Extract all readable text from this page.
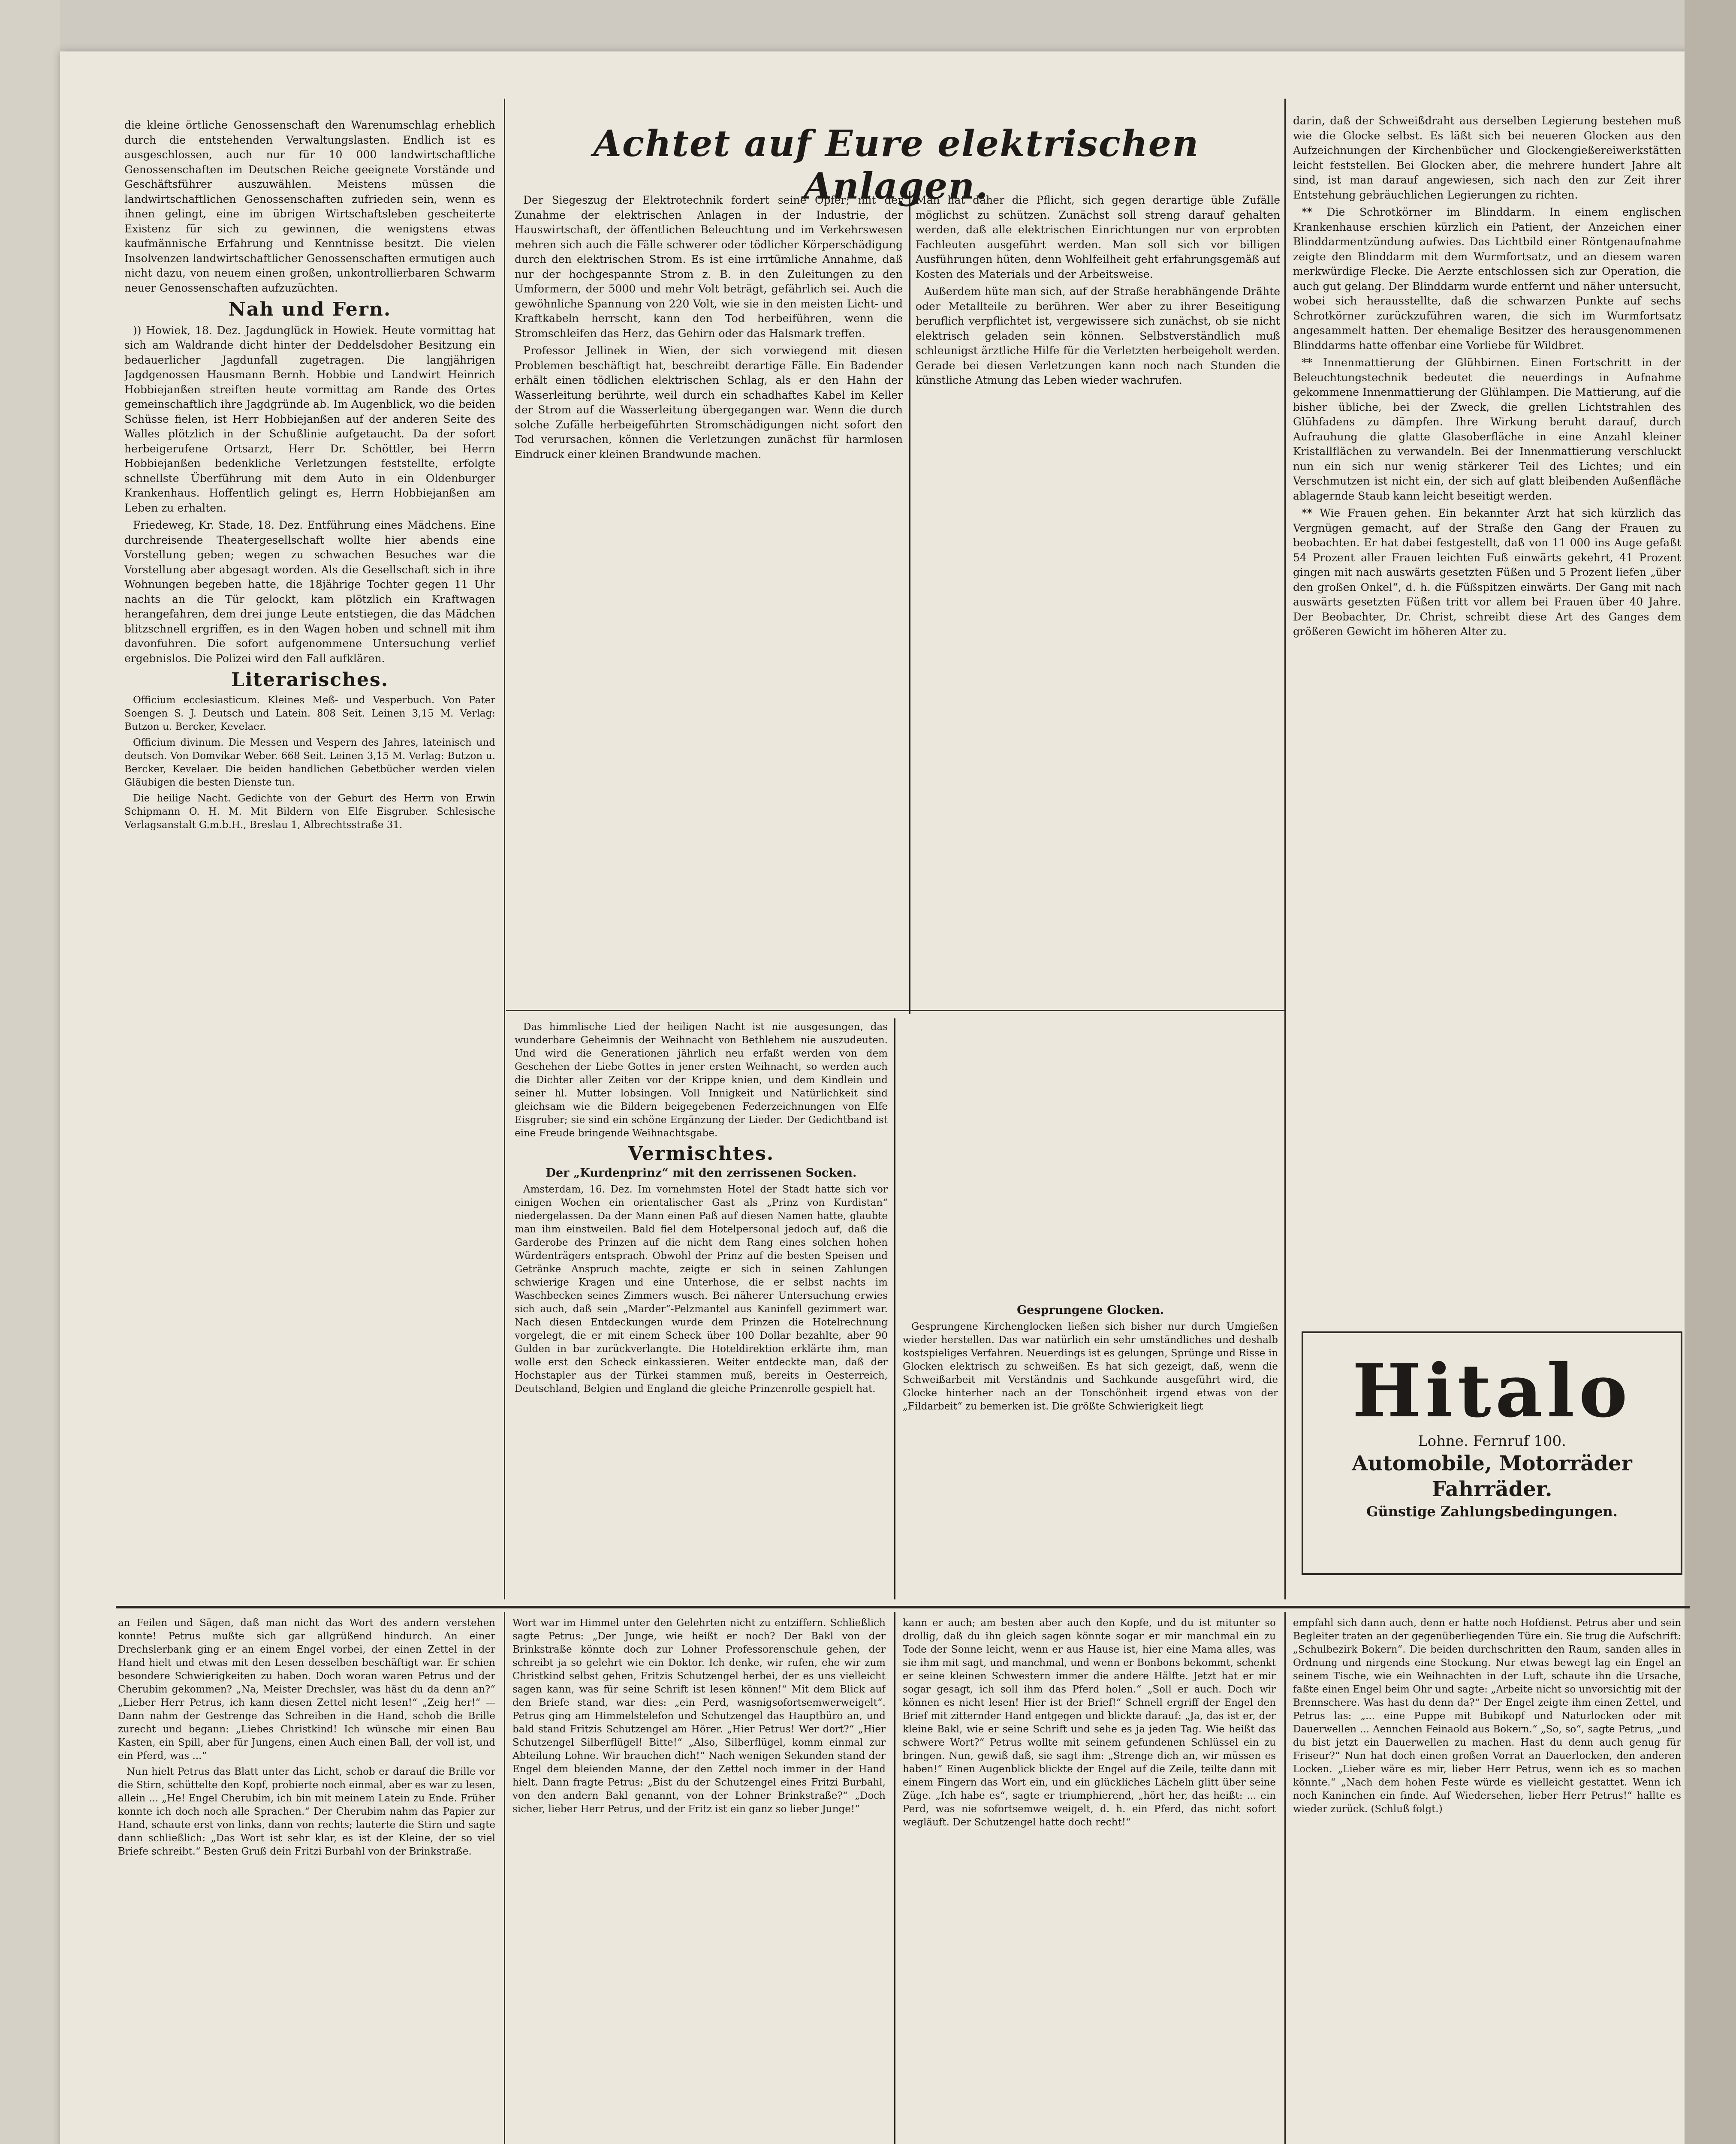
die kleine örtliche Genossenschaft den Warenumschlag erheblich durch die entstehenden Verwaltungslasten. Endlich ist es ausgeschlossen, auch nur für 10 000 landwirtschaftliche Genossenschaften im Deutschen Reiche geeignete Vorstände und Geschäftsführer auszuwählen. Meistens müssen die landwirtschaftlichen Genossenschaften zufrieden sein, wenn es ihnen gelingt, eine im übrigen Wirtschaftsleben gescheiterte Existenz für sich zu gewinnen, die wenigstens etwas kaufmännische Erfahrung und Kenntnisse besitzt. Die vielen Insolvenzen landwirtschaftlicher Genossenschaften ermutigen auch nicht dazu, von neuem einen großen, unkontrollierbaren Schwarm neuer Genossenschaften aufzuzüchten.

Nah und Fern.

)) Howiek, 18. Dez. Jagdunglück in Howiek. Heute vormittag hat sich am Waldrande dicht hinter der Deddelsdoher Besitzung ein bedauerlicher Jagdunfall zugetragen. Die langjährigen Jagdgenossen Hausmann Bernh. Hobbie und Landwirt Heinrich Hobbiejanßen streiften heute vormittag am Rande des Ortes gemeinschaftlich ihre Jagdgründe ab. Im Augenblick, wo die beiden Schüsse fielen, ist Herr Hobbiejanßen auf der anderen Seite des Walles plötzlich in der Schußlinie aufgetaucht. Da der sofort herbeigerufene Ortsarzt, Herr Dr. Schöttler, bei Herrn Hobbiejanßen bedenkliche Verletzungen feststellte, erfolgte schnellste Überführung mit dem Auto in ein Oldenburger Krankenhaus. Hoffentlich gelingt es, Herrn Hobbiejanßen am Leben zu erhalten.

Friedeweg, Kr. Stade, 18. Dez. Entführung eines Mädchens. Eine durchreisende Theatergesellschaft wollte hier abends eine Vorstellung geben; wegen zu schwachen Besuches war die Vorstellung aber abgesagt worden. Als die Gesellschaft sich in ihre Wohnungen begeben hatte, die 18jährige Tochter gegen 11 Uhr nachts an die Tür gelockt, kam plötzlich ein Kraftwagen herangefahren, dem drei junge Leute entstiegen, die das Mädchen blitzschnell ergriffen, es in den Wagen hoben und schnell mit ihm davonfuhren. Die sofort aufgenommene Untersuchung verlief ergebnislos. Die Polizei wird den Fall aufklären.

Literarisches.

Officium ecclesiasticum. Kleines Meß- und Vesperbuch. Von Pater Soengen S. J. Deutsch und Latein. 808 Seit. Leinen 3,15 M. Verlag: Butzon u. Bercker, Kevelaer.

Officium divinum. Die Messen und Vespern des Jahres, lateinisch und deutsch. Von Domvikar Weber. 668 Seit. Leinen 3,15 M. Verlag: Butzon u. Bercker, Kevelaer. Die beiden handlichen Gebetbücher werden vielen Gläubigen die besten Dienste tun.

Die heilige Nacht. Gedichte von der Geburt des Herrn von Erwin Schipmann O. H. M. Mit Bildern von Elfe Eisgruber. Schlesische Verlagsanstalt G.m.b.H., Breslau 1, Albrechtsstraße 31.

Achtet auf Eure elektrischen Anlagen.

Der Siegeszug der Elektrotechnik fordert seine Opfer; mit der Zunahme der elektrischen Anlagen in der Industrie, der Hauswirtschaft, der öffentlichen Beleuchtung und im Verkehrswesen mehren sich auch die Fälle schwerer oder tödlicher Körperschädigung durch den elektrischen Strom. Es ist eine irrtümliche Annahme, daß nur der hochgespannte Strom z. B. in den Zuleitungen zu den Umformern, der 5000 und mehr Volt beträgt, gefährlich sei. Auch die gewöhnliche Spannung von 220 Volt, wie sie in den meisten Licht- und Kraftkabeln herrscht, kann den Tod herbeiführen, wenn die Stromschleifen das Herz, das Gehirn oder das Halsmark treffen.

Professor Jellinek in Wien, der sich vorwiegend mit diesen Problemen beschäftigt hat, beschreibt derartige Fälle. Ein Badender erhält einen tödlichen elektrischen Schlag, als er den Hahn der Wasserleitung berührte, weil durch ein schadhaftes Kabel im Keller der Strom auf die Wasserleitung übergegangen war. Wenn die durch solche Zufälle herbeigeführten Stromschädigungen nicht sofort den Tod verursachen, können die Verletzungen zunächst für harmlosen Eindruck einer kleinen Brandwunde machen.

Man hat daher die Pflicht, sich gegen derartige üble Zufälle möglichst zu schützen. Zunächst soll streng darauf gehalten werden, daß alle elektrischen Einrichtungen nur von erprobten Fachleuten ausgeführt werden. Man soll sich vor billigen Ausführungen hüten, denn Wohlfeilheit geht erfahrungsgemäß auf Kosten des Materials und der Arbeitsweise.

Außerdem hüte man sich, auf der Straße herabhängende Drähte oder Metallteile zu berühren. Wer aber zu ihrer Beseitigung beruflich verpflichtet ist, vergewissere sich zunächst, ob sie nicht elektrisch geladen sein können. Selbstverständlich muß schleunigst ärztliche Hilfe für die Verletzten herbeigeholt werden. Gerade bei diesen Verletzungen kann noch nach Stunden die künstliche Atmung das Leben wieder wachrufen.

Das himmlische Lied der heiligen Nacht ist nie ausgesungen, das wunderbare Geheimnis der Weihnacht von Bethlehem nie auszudeuten. Und wird die Generationen jährlich neu erfaßt werden von dem Geschehen der Liebe Gottes in jener ersten Weihnacht, so werden auch die Dichter aller Zeiten vor der Krippe knien, und dem Kindlein und seiner hl. Mutter lobsingen. Voll Innigkeit und Natürlichkeit sind gleichsam wie die Bildern beigegebenen Federzeichnungen von Elfe Eisgruber; sie sind ein schöne Ergänzung der Lieder. Der Gedichtband ist eine Freude bringende Weihnachtsgabe.

Vermischtes.
Der „Kurdenprinz“ mit den zerrissenen Socken.

Amsterdam, 16. Dez. Im vornehmsten Hotel der Stadt hatte sich vor einigen Wochen ein orientalischer Gast als „Prinz von Kurdistan“ niedergelassen. Da der Mann einen Paß auf diesen Namen hatte, glaubte man ihm einstweilen. Bald fiel dem Hotelpersonal jedoch auf, daß die Garderobe des Prinzen auf die nicht dem Rang eines solchen hohen Würdenträgers entsprach. Obwohl der Prinz auf die besten Speisen und Getränke Anspruch machte, zeigte er sich in seinen Zahlungen schwierige Kragen und eine Unterhose, die er selbst nachts im Waschbecken seines Zimmers wusch. Bei näherer Untersuchung erwies sich auch, daß sein „Marder“-Pelzmantel aus Kaninfell gezimmert war. Nach diesen Entdeckungen wurde dem Prinzen die Hotelrechnung vorgelegt, die er mit einem Scheck über 100 Dollar bezahlte, aber 90 Gulden in bar zurückverlangte. Die Hoteldirektion erklärte ihm, man wolle erst den Scheck einkassieren. Weiter entdeckte man, daß der Hochstapler aus der Türkei stammen muß, bereits in Oesterreich, Deutschland, Belgien und England die gleiche Prinzenrolle gespielt hat.

Gesprungene Glocken.

Gesprungene Kirchenglocken ließen sich bisher nur durch Umgießen wieder herstellen. Das war natürlich ein sehr umständliches und deshalb kostspieliges Verfahren. Neuerdings ist es gelungen, Sprünge und Risse in Glocken elektrisch zu schweißen. Es hat sich gezeigt, daß, wenn die Schweißarbeit mit Verständnis und Sachkunde ausgeführt wird, die Glocke hinterher nach an der Tonschönheit irgend etwas von der „Fildarbeit“ zu bemerken ist. Die größte Schwierigkeit liegt

darin, daß der Schweißdraht aus derselben Legierung bestehen muß wie die Glocke selbst. Es läßt sich bei neueren Glocken aus den Aufzeichnungen der Kirchenbücher und Glockengießereiwerkstätten leicht feststellen. Bei Glocken aber, die mehrere hundert Jahre alt sind, ist man darauf angewiesen, sich nach den zur Zeit ihrer Entstehung gebräuchlichen Legierungen zu richten.

** Die Schrotkörner im Blinddarm. In einem englischen Krankenhause erschien kürzlich ein Patient, der Anzeichen einer Blinddarmentzündung aufwies. Das Lichtbild einer Röntgenaufnahme zeigte den Blinddarm mit dem Wurmfortsatz, und an diesem waren merkwürdige Flecke. Die Aerzte entschlossen sich zur Operation, die auch gut gelang. Der Blinddarm wurde entfernt und näher untersucht, wobei sich herausstellte, daß die schwarzen Punkte auf sechs Schrotkörner zurückzuführen waren, die sich im Wurmfortsatz angesammelt hatten. Der ehemalige Besitzer des herausgenommenen Blinddarms hatte offenbar eine Vorliebe für Wildbret.

** Innenmattierung der Glühbirnen. Einen Fortschritt in der Beleuchtungstechnik bedeutet die neuerdings in Aufnahme gekommene Innenmattierung der Glühlampen. Die Mattierung, auf die bisher übliche, bei der Zweck, die grellen Lichtstrahlen des Glühfadens zu dämpfen. Ihre Wirkung beruht darauf, durch Aufrauhung die glatte Glasoberfläche in eine Anzahl kleiner Kristallflächen zu verwandeln. Bei der Innenmattierung verschluckt nun ein sich nur wenig stärkerer Teil des Lichtes; und ein Verschmutzen ist nicht ein, der sich auf glatt bleibenden Außenfläche ablagernde Staub kann leicht beseitigt werden.

** Wie Frauen gehen. Ein bekannter Arzt hat sich kürzlich das Vergnügen gemacht, auf der Straße den Gang der Frauen zu beobachten. Er hat dabei festgestellt, daß von 11 000 ins Auge gefaßt 54 Prozent aller Frauen leichten Fuß einwärts gekehrt, 41 Prozent gingen mit nach auswärts gesetzten Füßen und 5 Prozent liefen „über den großen Onkel“, d. h. die Füßspitzen einwärts. Der Gang mit nach auswärts gesetzten Füßen tritt vor allem bei Frauen über 40 Jahre. Der Beobachter, Dr. Christ, schreibt diese Art des Ganges dem größeren Gewicht im höheren Alter zu.

Hitalo
Lohne. Fernruf 100.
Automobile, Motorräder
Fahrräder.
Günstige Zahlungsbedingungen.

an Feilen und Sägen, daß man nicht das Wort des andern verstehen konnte! Petrus mußte sich gar allgrüßend hindurch. An einer Drechslerbank ging er an einem Engel vorbei, der einen Zettel in der Hand hielt und etwas mit den Lesen desselben beschäftigt war. Er schien besondere Schwierigkeiten zu haben. Doch woran waren Petrus und der Cherubim gekommen? „Na, Meister Drechsler, was häst du da denn an?“ „Lieber Herr Petrus, ich kann diesen Zettel nicht lesen!“ „Zeig her!“ — Dann nahm der Gestrenge das Schreiben in die Hand, schob die Brille zurecht und begann: „Liebes Christkind! Ich wünsche mir einen Bau Kasten, ein Spill, aber für Jungens, einen Auch einen Ball, der voll ist, und ein Pferd, was ...“

Nun hielt Petrus das Blatt unter das Licht, schob er darauf die Brille vor die Stirn, schüttelte den Kopf, probierte noch einmal, aber es war zu lesen, allein ... „He! Engel Cherubim, ich bin mit meinem Latein zu Ende. Früher konnte ich doch noch alle Sprachen.“ Der Cherubim nahm das Papier zur Hand, schaute erst von links, dann von rechts; lauterte die Stirn und sagte dann schließlich: „Das Wort ist sehr klar, es ist der Kleine, der so viel Briefe schreibt.“ Besten Gruß dein Fritzi Burbahl von der Brinkstraße.

Wort war im Himmel unter den Gelehrten nicht zu entziffern. Schließlich sagte Petrus: „Der Junge, wie heißt er noch? Der Bakl von der Brinkstraße könnte doch zur Lohner Professorenschule gehen, der schreibt ja so gelehrt wie ein Doktor. Ich denke, wir rufen, ehe wir zum Christkind selbst gehen, Fritzis Schutzengel herbei, der es uns vielleicht sagen kann, was für seine Schrift ist lesen können!“ Mit dem Blick auf den Briefe stand, war dies: „ein Perd, wasnigsofortsemwerweigelt“. Petrus ging am Himmelstelefon und Schutzengel das Hauptbüro an, und bald stand Fritzis Schutzengel am Hörer. „Hier Petrus! Wer dort?“ „Hier Schutzengel Silberflügel! Bitte!“ „Also, Silberflügel, komm einmal zur Abteilung Lohne. Wir brauchen dich!“ Nach wenigen Sekunden stand der Engel dem bleienden Manne, der den Zettel noch immer in der Hand hielt. Dann fragte Petrus: „Bist du der Schutzengel eines Fritzi Burbahl, von den andern Bakl genannt, von der Lohner Brinkstraße?“ „Doch sicher, lieber Herr Petrus, und der Fritz ist ein ganz so lieber Junge!“

kann er auch; am besten aber auch den Kopfe, und du ist mitunter so drollig, daß du ihn gleich sagen könnte sogar er mir manchmal ein zu Tode der Sonne leicht, wenn er aus Hause ist, hier eine Mama alles, was sie ihm mit sagt, und manchmal, und wenn er Bonbons bekommt, schenkt er seine kleinen Schwestern immer die andere Hälfte. Jetzt hat er mir sogar gesagt, ich soll ihm das Pferd holen.“ „Soll er auch. Doch wir können es nicht lesen! Hier ist der Brief!“ Schnell ergriff der Engel den Brief mit zitternder Hand entgegen und blickte darauf: „Ja, das ist er, der kleine Bakl, wie er seine Schrift und sehe es ja jeden Tag. Wie heißt das schwere Wort?“ Petrus wollte mit seinem gefundenen Schlüssel ein zu bringen. Nun, gewiß daß, sie sagt ihm: „Strenge dich an, wir müssen es haben!“ Einen Augenblick blickte der Engel auf die Zeile, teilte dann mit einem Fingern das Wort ein, und ein glückliches Lächeln glitt über seine Züge. „Ich habe es“, sagte er triumphierend, „hört her, das heißt: ... ein Perd, was nie sofortsemwe weigelt, d. h. ein Pferd, das nicht sofort wegläuft. Der Schutzengel hatte doch recht!“

empfahl sich dann auch, denn er hatte noch Hofdienst. Petrus aber und sein Begleiter traten an der gegenüberliegenden Türe ein. Sie trug die Aufschrift: „Schulbezirk Bokern“. Die beiden durchschritten den Raum, sanden alles in Ordnung und nirgends eine Stockung. Nur etwas bewegt lag ein Engel an seinem Tische, wie ein Weihnachten in der Luft, schaute ihn die Ursache, faßte einen Engel beim Ohr und sagte: „Arbeite nicht so unvorsichtig mit der Brennschere. Was hast du denn da?“ Der Engel zeigte ihm einen Zettel, und Petrus las: „... eine Puppe mit Bubikopf und Naturlocken oder mit Dauerwellen ... Aennchen Feinaold aus Bokern.“ „So, so“, sagte Petrus, „und du bist jetzt ein Dauerwellen zu machen. Hast du denn auch genug für Friseur?“ Nun hat doch einen großen Vorrat an Dauerlocken, den anderen Locken. „Lieber wäre es mir, lieber Herr Petrus, wenn ich es so machen könnte.“ „Nach dem hohen Feste würde es vielleicht gestattet. Wenn ich noch Kaninchen ein finde. Auf Wiedersehen, lieber Herr Petrus!“ hallte es wieder zurück. (Schluß folgt.)
